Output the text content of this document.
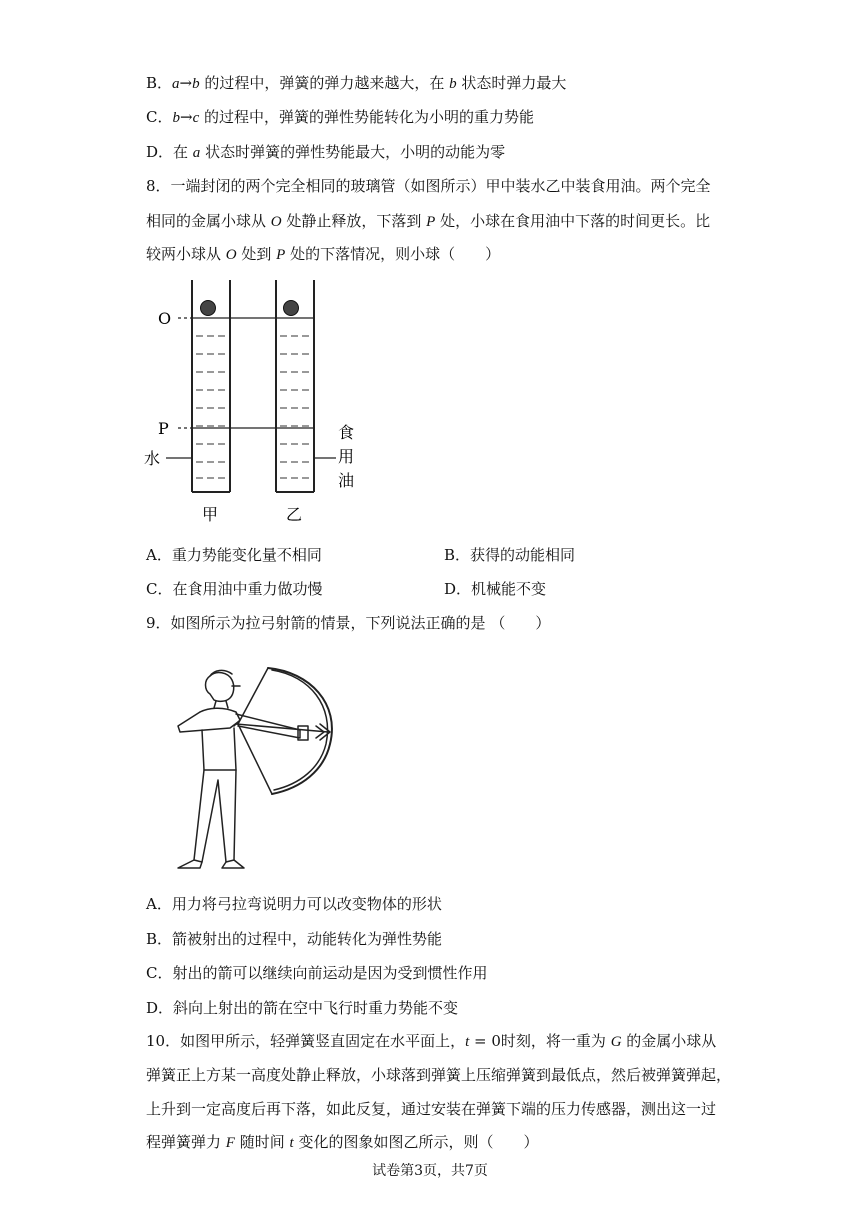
B．a→b 的过程中，弹簧的弹力越来越大，在 b 状态时弹力最大
C．b→c 的过程中，弹簧的弹性势能转化为小明的重力势能
D．在 a 状态时弹簧的弹性势能最大，小明的动能为零
8．一端封闭的两个完全相同的玻璃管（如图所示）甲中装水乙中装食用油。两个完全
相同的金属小球从 O 处静止释放，下落到 P 处，小球在食用油中下落的时间更长。比
较两小球从 O 处到 P 处的下落情况，则小球（　　）
O
P
水
食
用
油
甲	乙
A．重力势能变化量不相同	B．获得的动能相同
C．在食用油中重力做功慢	D．机械能不变
9．如图所示为拉弓射箭的情景，下列说法正确的是 （　　）
A．用力将弓拉弯说明力可以改变物体的形状
B．箭被射出的过程中，动能转化为弹性势能
C．射出的箭可以继续向前运动是因为受到惯性作用
D．斜向上射出的箭在空中飞行时重力势能不变
10．如图甲所示，轻弹簧竖直固定在水平面上，t = 0时刻，将一重为 G 的金属小球从
弹簧正上方某一高度处静止释放，小球落到弹簧上压缩弹簧到最低点，然后被弹簧弹起，
上升到一定高度后再下落，如此反复，通过安装在弹簧下端的压力传感器，测出这一过
程弹簧弹力 F 随时间 t 变化的图象如图乙所示，则（　　）
试卷第3页，共7页
